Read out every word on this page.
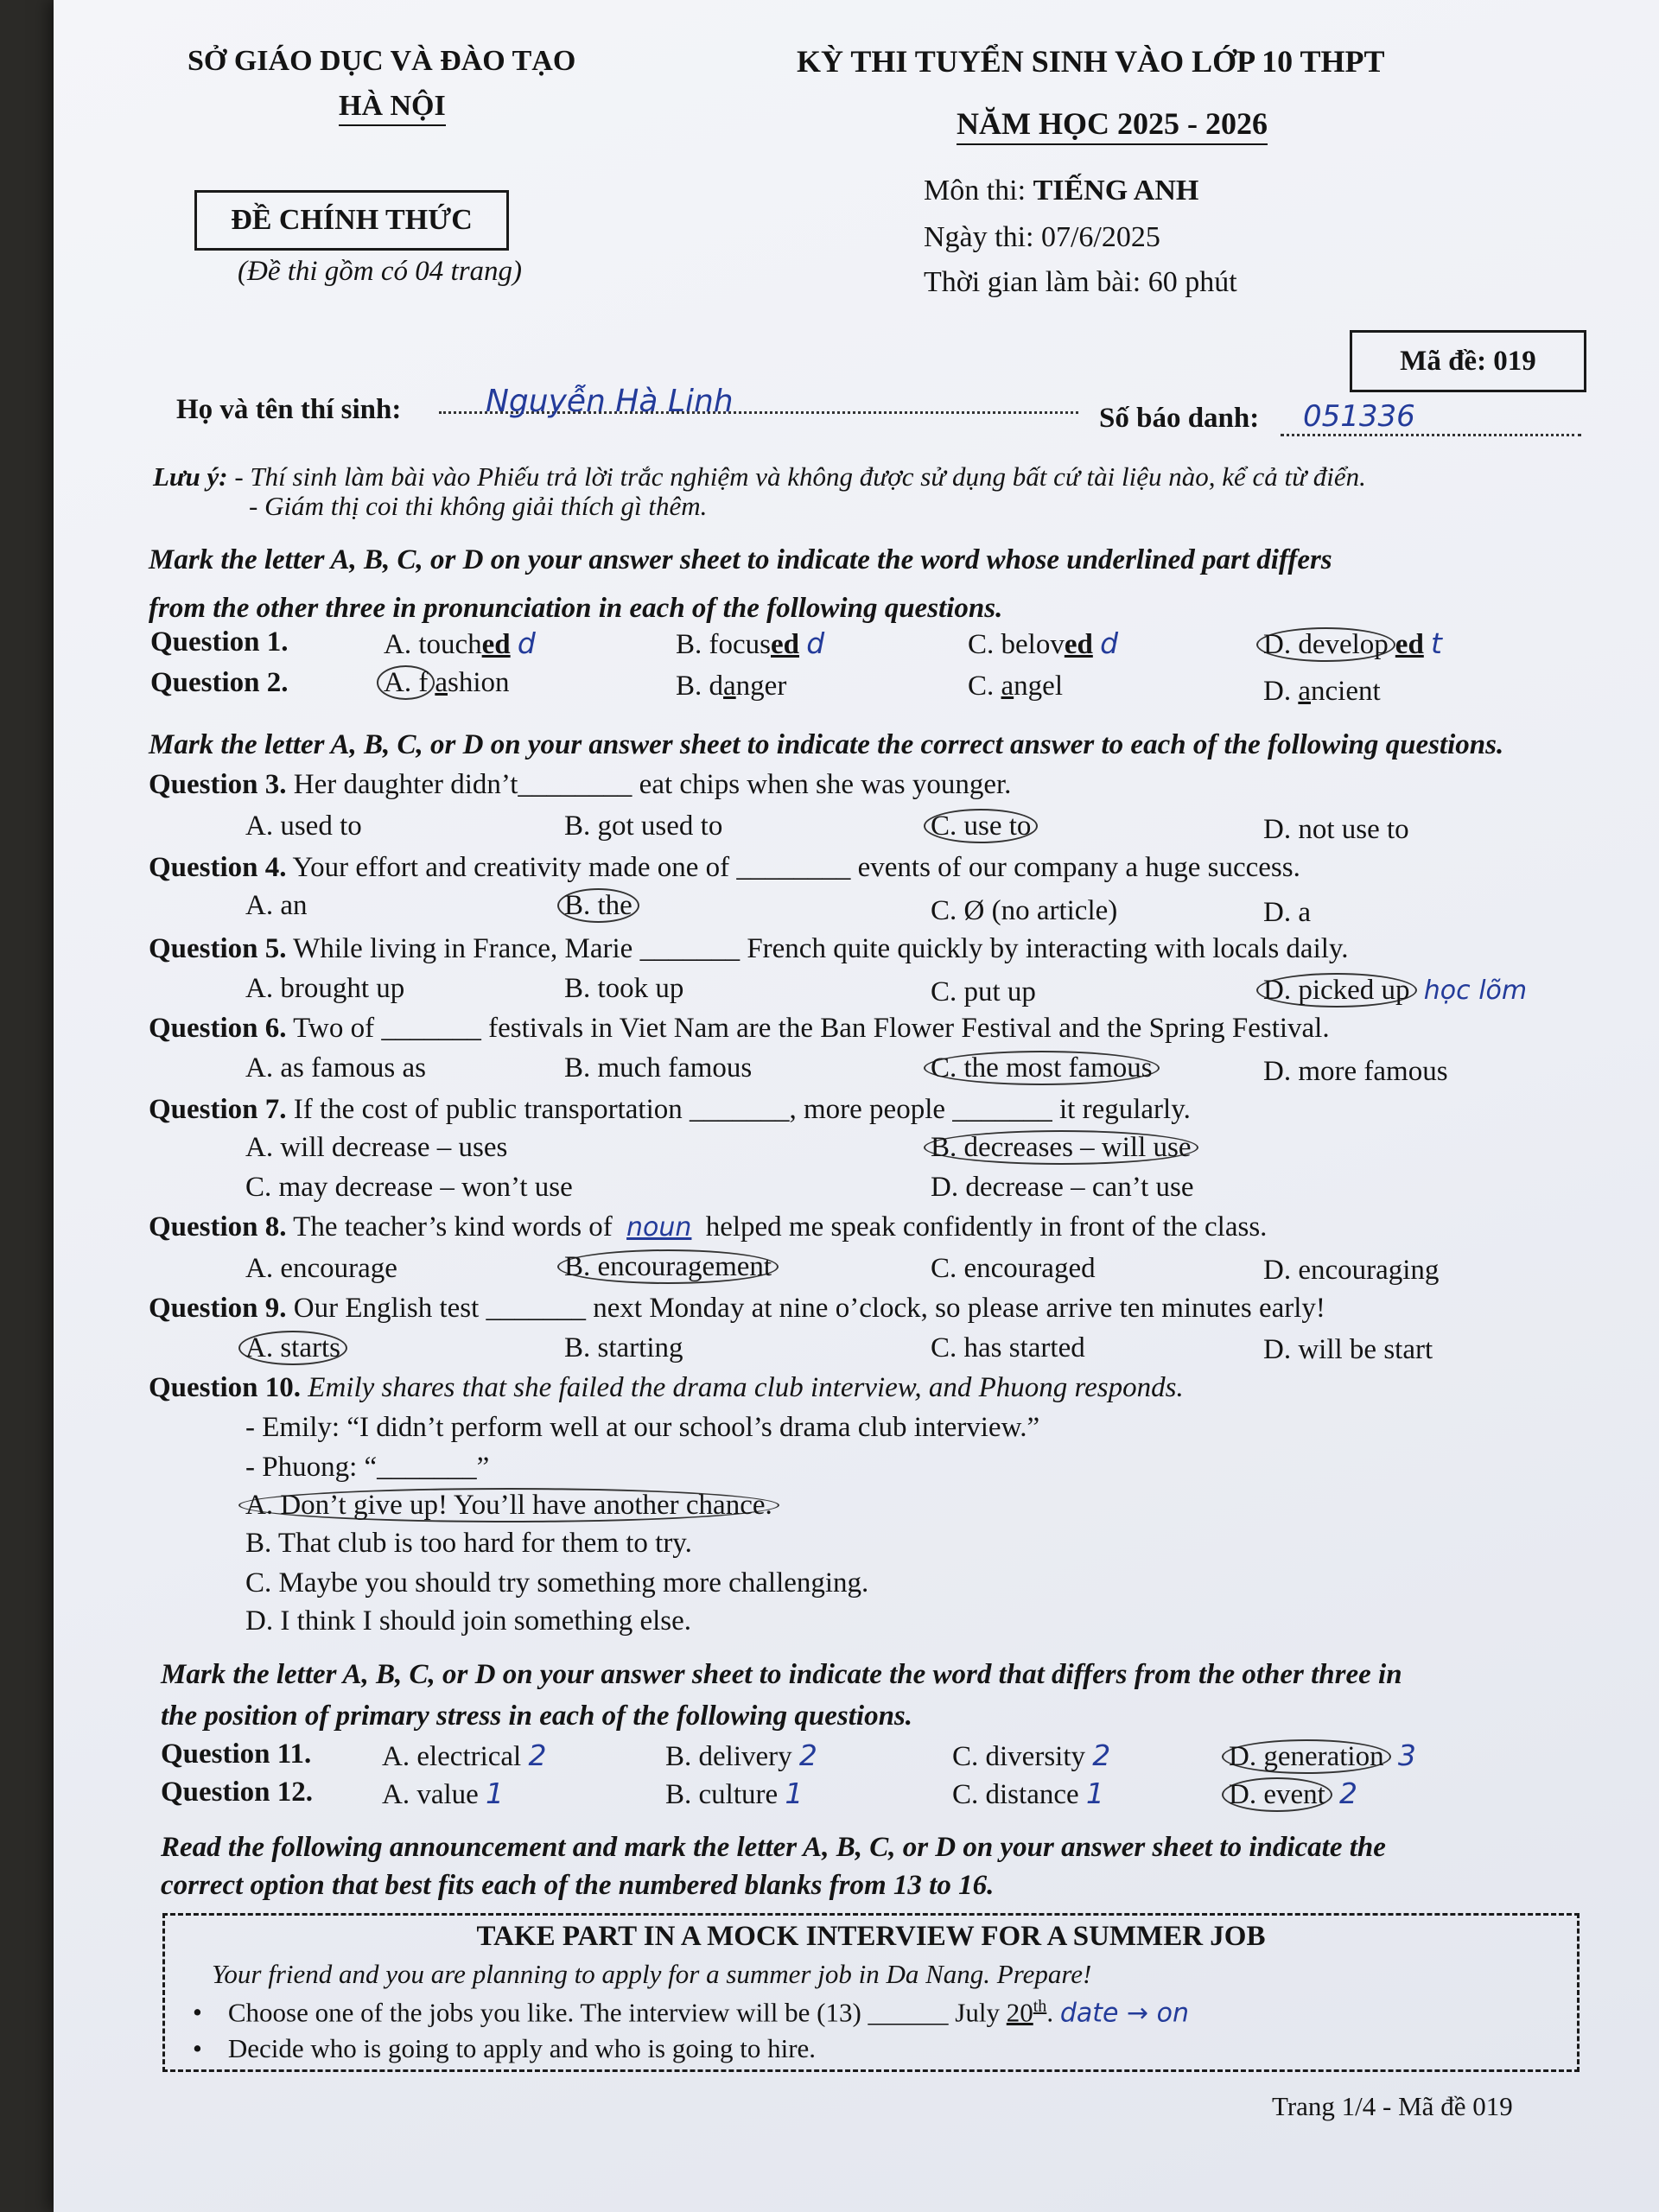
SỞ GIÁO DỤC VÀ ĐÀO TẠO
HÀ NỘI
KỲ THI TUYỂN SINH VÀO LỚP 10 THPT
NĂM HỌC 2025 - 2026
ĐỀ CHÍNH THỨC
(Đề thi gồm có 04 trang)
Môn thi: TIẾNG ANH
Ngày thi: 07/6/2025
Thời gian làm bài: 60 phút
Mã đề: 019
Họ và tên thí sinh:	Nguyễn Hà Linh	Số báo danh: 051336
Lưu ý: - Thí sinh làm bài vào Phiếu trả lời trắc nghiệm và không được sử dụng bất cứ tài liệu nào, kể cả từ điển.
- Giám thị coi thi không giải thích gì thêm.
Mark the letter A, B, C, or D on your answer sheet to indicate the word whose underlined part differs
from the other three in pronunciation in each of the following questions.
Question 1.	A. touched d	B. focused d	C. beloved d	D. develop ed t
Question 2.	A. f ashion	B. danger	C. angel	D. ancient
Mark the letter A, B, C, or D on your answer sheet to indicate the correct answer to each of the following questions.
Question 3. Her daughter didn’t________ eat chips when she was younger.
A. used to	B. got used to	C. use to	D. not use to
Question 4. Your effort and creativity made one of ________ events of our company a huge success.
A. an	B. the	C. Ø (no article)	D. a
Question 5. While living in France, Marie _______ French quite quickly by interacting with locals daily.
A. brought up	B. took up	C. put up	D. picked up học lõm
Question 6. Two of _______ festivals in Viet Nam are the Ban Flower Festival and the Spring Festival.
A. as famous as	B. much famous	C. the most famous	D. more famous
Question 7. If the cost of public transportation _______, more people _______ it regularly.
A. will decrease – uses	B. decreases – will use
C. may decrease – won’t use	D. decrease – can’t use
Question 8. The teacher’s kind words of noun helped me speak confidently in front of the class.
A. encourage	B. encouragement	C. encouraged	D. encouraging
Question 9. Our English test _______ next Monday at nine o’clock, so please arrive ten minutes early!
A. starts	B. starting	C. has started	D. will be start
Question 10. Emily shares that she failed the drama club interview, and Phuong responds.
- Emily: “I didn’t perform well at our school’s drama club interview.”
- Phuong: “_______”
A. Don’t give up! You’ll have another chance.
B. That club is too hard for them to try.
C. Maybe you should try something more challenging.
D. I think I should join something else.
Mark the letter A, B, C, or D on your answer sheet to indicate the word that differs from the other three in
the position of primary stress in each of the following questions.
Question 11. A. electrical 2	B. delivery 2	C. diversity 2	D. generation 3
Question 12. A. value 1	B. culture 1	C. distance 1	D. event 2
Read the following announcement and mark the letter A, B, C, or D on your answer sheet to indicate the
correct option that best fits each of the numbered blanks from 13 to 16.
TAKE PART IN A MOCK INTERVIEW FOR A SUMMER JOB
Your friend and you are planning to apply for a summer job in Da Nang. Prepare!
• Choose one of the jobs you like. The interview will be (13) ______ July 20th. date → on
• Decide who is going to apply and who is going to hire.
Trang 1/4 - Mã đề 019
